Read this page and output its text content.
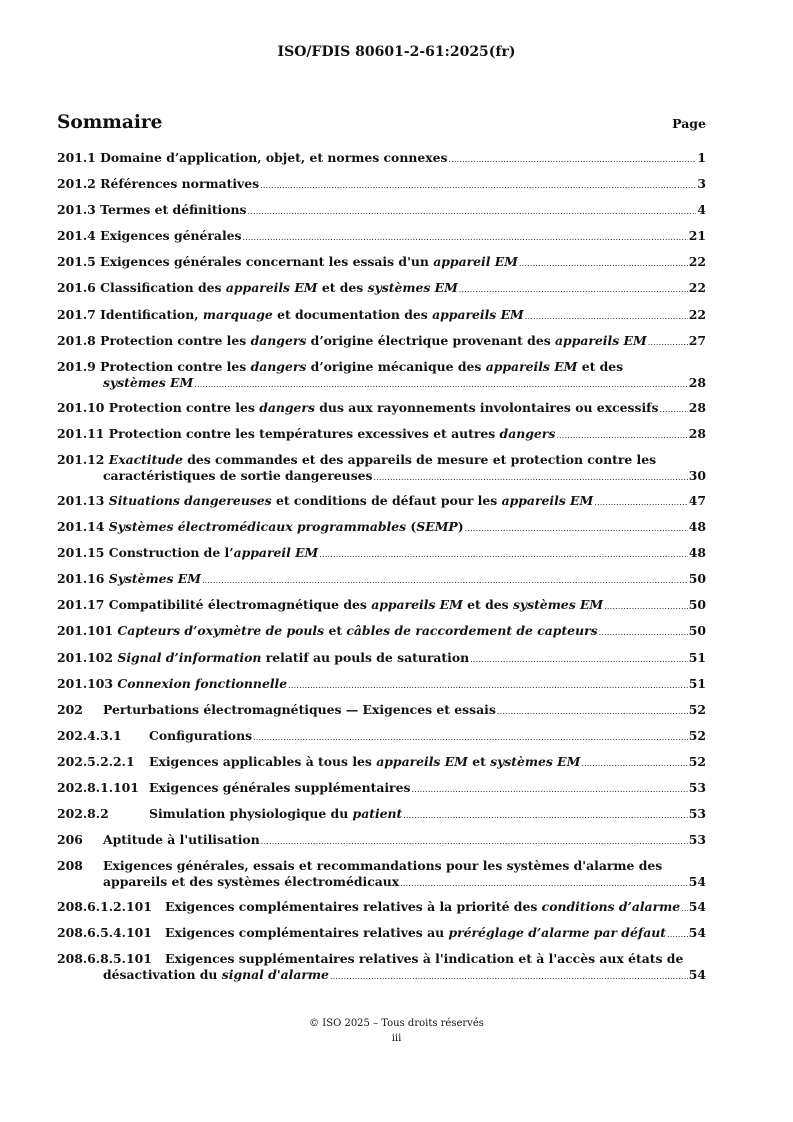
ISO/FDIS 80601-2-61:2025(fr)
Sommaire	Page
201.1 Domaine d’application, objet, et normes connexes .....	1
201.2 Références normatives .....	3
201.3 Termes et définitions .....	4
201.4 Exigences générales .....	21
201.5 Exigences générales concernant les essais d'un appareil EM .....	22
201.6 Classification des appareils EM et des systèmes EM .....	22
201.7 Identification, marquage et documentation des appareils EM .....	22
201.8 Protection contre les dangers d’origine électrique provenant des appareils EM .....	27
201.9 Protection contre les dangers d’origine mécanique des appareils EM et des
systèmes EM .....	28
201.10 Protection contre les dangers dus aux rayonnements involontaires ou excessifs ..... 28
201.11 Protection contre les températures excessives et autres dangers .....	28
201.12 Exactitude des commandes et des appareils de mesure et protection contre les
caractéristiques de sortie dangereuses .....	30
201.13 Situations dangereuses et conditions de défaut pour les appareils EM .....	47
201.14 Systèmes électromédicaux programmables (SEMP) .....	48
201.15 Construction de l’appareil EM .....	48
201.16 Systèmes EM .....	50
201.17 Compatibilité électromagnétique des appareils EM et des systèmes EM .....	50
201.101 Capteurs d’oxymètre de pouls et câbles de raccordement de capteurs .....	50
201.102 Signal d’information relatif au pouls de saturation .....	51
201.103 Connexion fonctionnelle .....	51
202 Perturbations électromagnétiques — Exigences et essais .....	52
202.4.3.1 Configurations .....	52
202.5.2.2.1 Exigences applicables à tous les appareils EM et systèmes EM .....	52
202.8.1.101 Exigences générales supplémentaires .....	53
202.8.2	Simulation physiologique du patient .....	53
206 Aptitude à l'utilisation .....	53
208 Exigences générales, essais et recommandations pour les systèmes d'alarme des
appareils et des systèmes électromédicaux .....	54
208.6.1.2.101 Exigences complémentaires relatives à la priorité des conditions d’alarme ..... 54
208.6.5.4.101 Exigences complémentaires relatives au préréglage d’alarme par défaut ..... 54
208.6.8.5.101 Exigences supplémentaires relatives à l'indication et à l'accès aux états de
désactivation du signal d'alarme .....	54
© ISO 2025 – Tous droits réservés
iii
